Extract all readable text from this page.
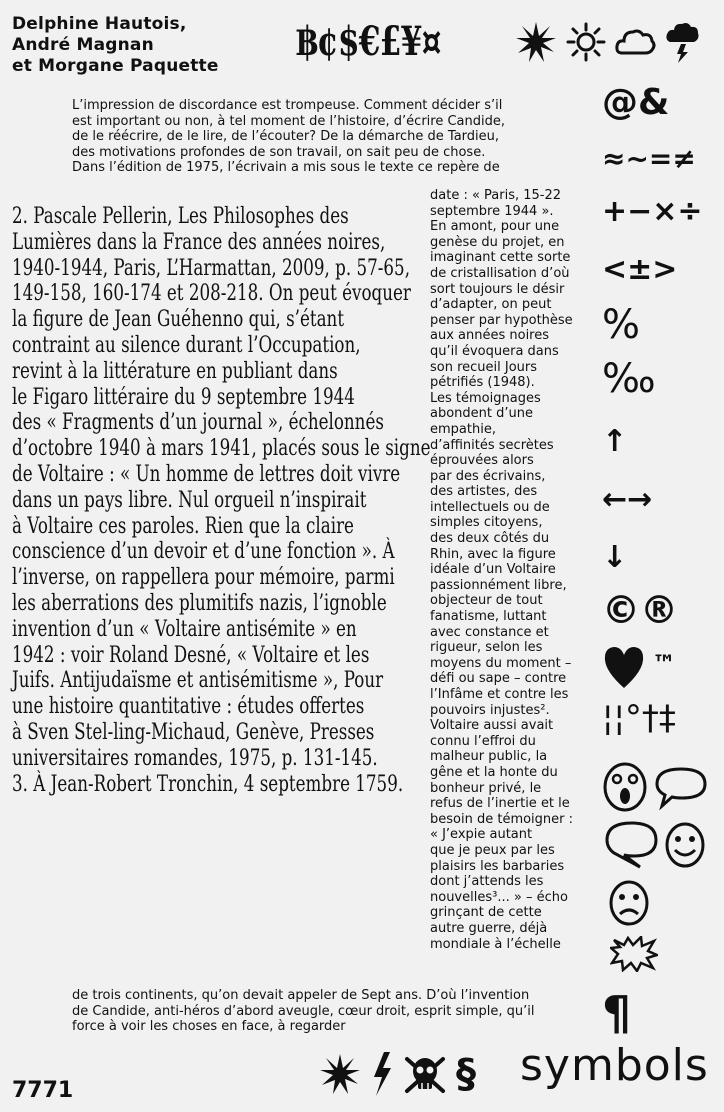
Delphine Hautois,
André Magnan
et Morgane Paquette
฿¢$€£¥¤
@&
≈~=≠
+−×÷
<±>
%
‰
↑
←→
↓
©®
™
¦¦°†‡
¶
L’impression de discordance est trompeuse. Comment décider s’il
est important ou non, à tel moment de l’histoire, d’écrire Candide,
de le réécrire, de le lire, de l’écouter? De la démarche de Tardieu,
des motivations profondes de son travail, on sait peu de chose.
Dans l’édition de 1975, l’écrivain a mis sous le texte ce repère de
2. Pascale Pellerin, Les Philosophes des
Lumières dans la France des années noires,
1940-1944, Paris, L’Harmattan, 2009, p. 57-65,
149-158, 160-174 et 208-218. On peut évoquer
la figure de Jean Guéhenno qui, s’étant
contraint au silence durant l’Occupation,
revint à la littérature en publiant dans
le Figaro littéraire du 9 septembre 1944
des « Fragments d’un journal », échelonnés
d’octobre 1940 à mars 1941, placés sous le signe
de Voltaire : « Un homme de lettres doit vivre
dans un pays libre. Nul orgueil n’inspirait
à Voltaire ces paroles. Rien que la claire
conscience d’un devoir et d’une fonction ». À
l’inverse, on rappellera pour mémoire, parmi
les aberrations des plumitifs nazis, l’ignoble
invention d’un « Voltaire antisémite » en
1942 : voir Roland Desné, « Voltaire et les
Juifs. Antijudaïsme et antisémitisme », Pour
une histoire quantitative : études offertes
à Sven Stel-ling-Michaud, Genève, Presses
universitaires romandes, 1975, p. 131-145.
3. À Jean-Robert Tronchin, 4 septembre 1759.
date : « Paris, 15-22
septembre 1944 ».
En amont, pour une
genèse du projet, en
imaginant cette sorte
de cristallisation d’où
sort toujours le désir
d’adapter, on peut
penser par hypothèse
aux années noires
qu’il évoquera dans
son recueil Jours
pétrifiés (1948).
Les témoignages
abondent d’une
empathie,
d’affinités secrètes
éprouvées alors
par des écrivains,
des artistes, des
intellectuels ou de
simples citoyens,
des deux côtés du
Rhin, avec la figure
idéale d’un Voltaire
passionnément libre,
objecteur de tout
fanatisme, luttant
avec constance et
rigueur, selon les
moyens du moment –
défi ou sape – contre
l’Infâme et contre les
pouvoirs injustes².
Voltaire aussi avait
connu l’effroi du
malheur public, la
gêne et la honte du
bonheur privé, le
refus de l’inertie et le
besoin de témoigner :
« J’expie autant
que je peux par les
plaisirs les barbaries
dont j’attends les
nouvelles³... » – écho
grinçant de cette
autre guerre, déjà
mondiale à l’échelle
de trois continents, qu’on devait appeler de Sept ans. D’où l’invention
de Candide, anti-héros d’abord aveugle, cœur droit, esprit simple, qu’il
force à voir les choses en face, à regarder
7771	§ symbols
